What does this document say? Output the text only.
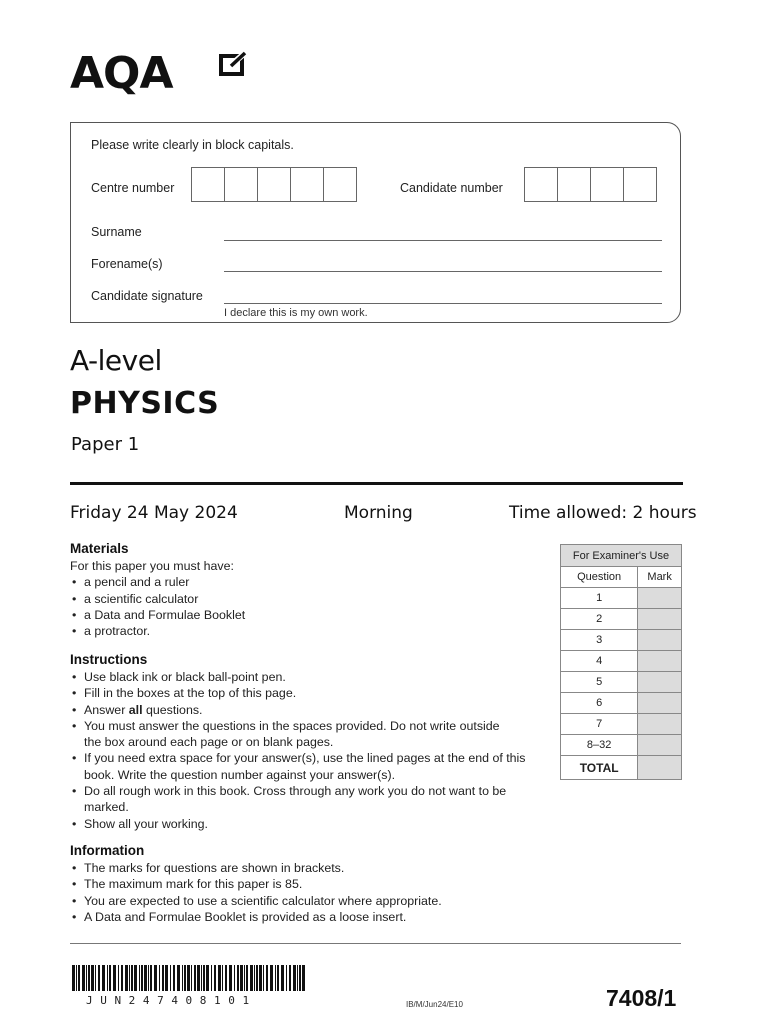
AQA
Please write clearly in block capitals.
Centre number	Candidate number
Surname
Forename(s)
Candidate signature
I declare this is my own work.
A-level
PHYSICS
Paper 1
Friday 24 May 2024	Morning	Time allowed: 2 hours
Materials
For this paper you must have:
• a pencil and a ruler
• a scientific calculator
• a Data and Formulae Booklet
• a protractor.
Instructions
• Use black ink or black ball-point pen.
• Fill in the boxes at the top of this page.
• Answer all questions.
• You must answer the questions in the spaces provided. Do not write outside the box around each page or on blank pages.
• If you need extra space for your answer(s), use the lined pages at the end of this book. Write the question number against your answer(s).
• Do all rough work in this book. Cross through any work you do not want to be marked.
• Show all your working.
Information
• The marks for questions are shown in brackets.
• The maximum mark for this paper is 85.
• You are expected to use a scientific calculator where appropriate.
• A Data and Formulae Booklet is provided as a loose insert.
For Examiner's Use	
Question	Mark
1	
2	
3	
4	
5	
6	
7	
8–32	
TOTAL	
JUN247408101	IB/M/Jun24/E10	7408/1
